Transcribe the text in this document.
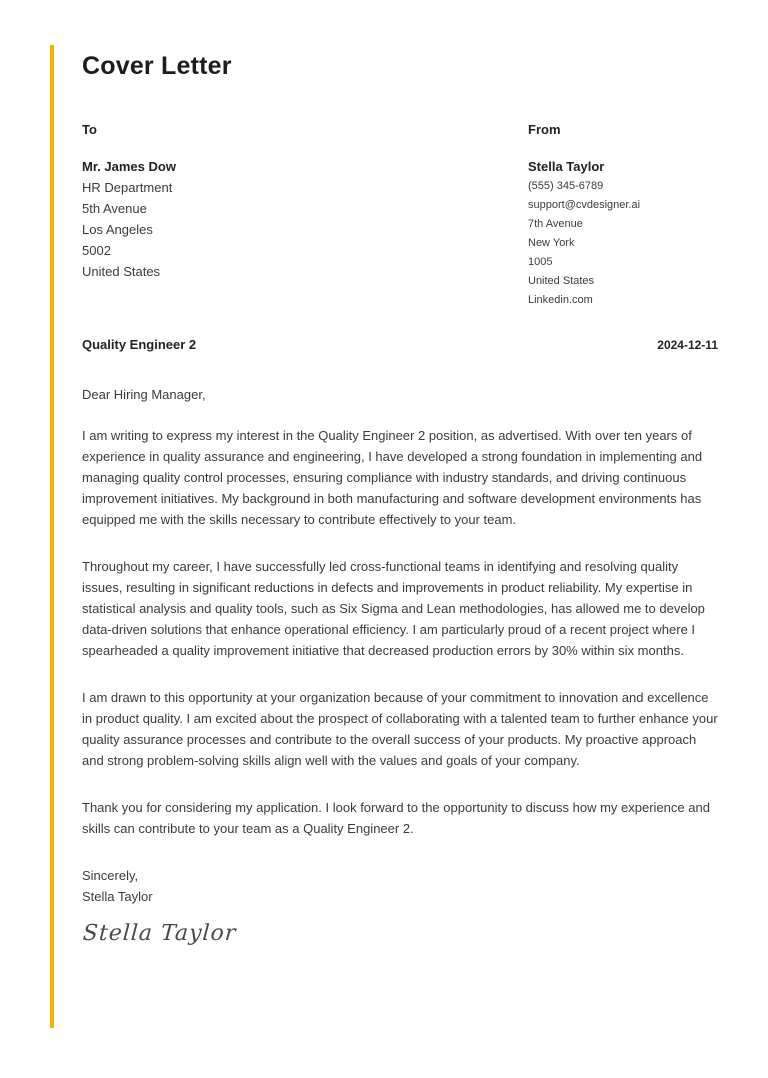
Cover Letter
To
Mr. James Dow
HR Department
5th Avenue
Los Angeles
5002
United States
From
Stella Taylor
(555) 345-6789
support@cvdesigner.ai
7th Avenue
New York
1005
United States
Linkedin.com
Quality Engineer 2	2024-12-11
Dear Hiring Manager,

I am writing to express my interest in the Quality Engineer 2 position, as advertised. With over ten years of experience in quality assurance and engineering, I have developed a strong foundation in implementing and managing quality control processes, ensuring compliance with industry standards, and driving continuous improvement initiatives. My background in both manufacturing and software development environments has equipped me with the skills necessary to contribute effectively to your team.

Throughout my career, I have successfully led cross-functional teams in identifying and resolving quality issues, resulting in significant reductions in defects and improvements in product reliability. My expertise in statistical analysis and quality tools, such as Six Sigma and Lean methodologies, has allowed me to develop data-driven solutions that enhance operational efficiency. I am particularly proud of a recent project where I spearheaded a quality improvement initiative that decreased production errors by 30% within six months.

I am drawn to this opportunity at your organization because of your commitment to innovation and excellence in product quality. I am excited about the prospect of collaborating with a talented team to further enhance your quality assurance processes and contribute to the overall success of your products. My proactive approach and strong problem-solving skills align well with the values and goals of your company.

Thank you for considering my application. I look forward to the opportunity to discuss how my experience and skills can contribute to your team as a Quality Engineer 2.

Sincerely,
Stella Taylor
Stella Taylor
